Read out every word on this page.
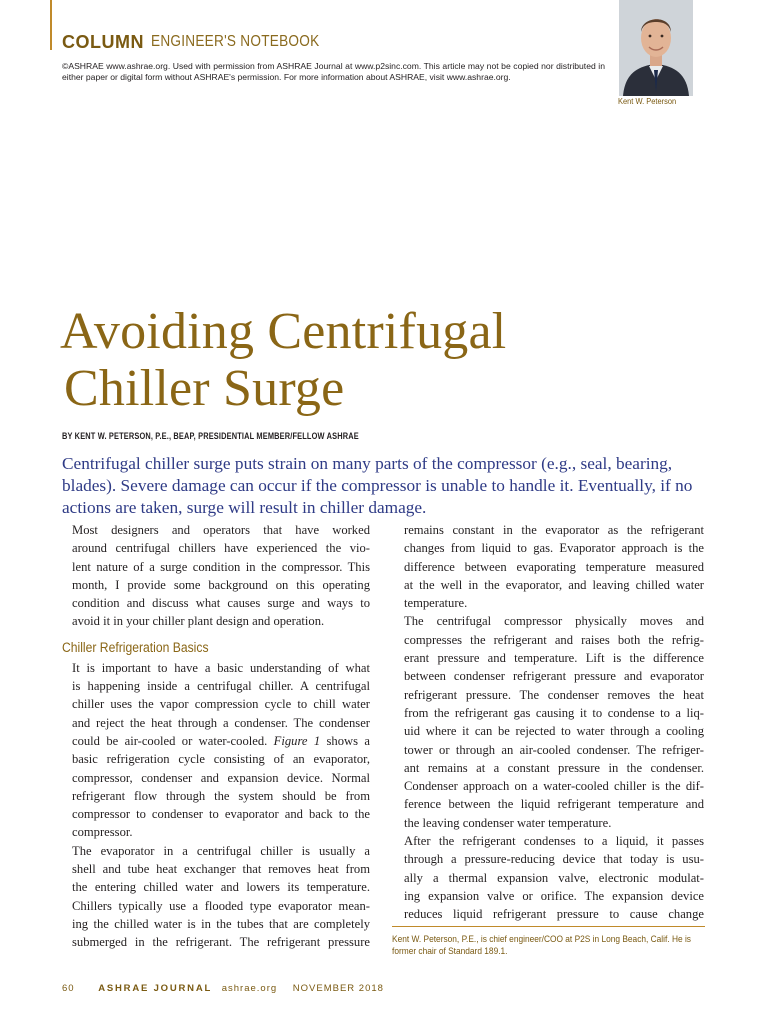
COLUMN ENGINEER'S NOTEBOOK
©ASHRAE www.ashrae.org. Used with permission from ASHRAE Journal at www.p2sinc.com. This article may not be copied nor distributed in either paper or digital form without ASHRAE's permission. For more information about ASHRAE, visit www.ashrae.org.
Kent W. Peterson
Avoiding Centrifugal
Chiller Surge
BY KENT W. PETERSON, P.E., BEAP, PRESIDENTIAL MEMBER/FELLOW ASHRAE
Centrifugal chiller surge puts strain on many parts of the compressor (e.g., seal, bearing, blades). Severe damage can occur if the compressor is unable to handle it. Eventually, if no actions are taken, surge will result in chiller damage.
Most designers and operators that have worked
around centrifugal chillers have experienced the vio-
lent nature of a surge condition in the compressor. This
month, I provide some background on this operating
condition and discuss what causes surge and ways to
avoid it in your chiller plant design and operation.
Chiller Refrigeration Basics
It is important to have a basic understanding of what
is happening inside a centrifugal chiller. A centrifugal
chiller uses the vapor compression cycle to chill water
and reject the heat through a condenser. The condenser
could be air-cooled or water-cooled. Figure 1 shows a
basic refrigeration cycle consisting of an evaporator,
compressor, condenser and expansion device. Normal
refrigerant flow through the system should be from
compressor to condenser to evaporator and back to the
compressor.
The evaporator in a centrifugal chiller is usually a
shell and tube heat exchanger that removes heat from
the entering chilled water and lowers its temperature.
Chillers typically use a flooded type evaporator mean-
ing the chilled water is in the tubes that are completely
submerged in the refrigerant. The refrigerant pressure
remains constant in the evaporator as the refrigerant
changes from liquid to gas. Evaporator approach is the
difference between evaporating temperature measured
at the well in the evaporator, and leaving chilled water
temperature.
The centrifugal compressor physically moves and
compresses the refrigerant and raises both the refrig-
erant pressure and temperature. Lift is the difference
between condenser refrigerant pressure and evaporator
refrigerant pressure. The condenser removes the heat
from the refrigerant gas causing it to condense to a liq-
uid where it can be rejected to water through a cooling
tower or through an air-cooled condenser. The refriger-
ant remains at a constant pressure in the condenser.
Condenser approach on a water-cooled chiller is the dif-
ference between the liquid refrigerant temperature and
the leaving condenser water temperature.
After the refrigerant condenses to a liquid, it passes
through a pressure-reducing device that today is usu-
ally a thermal expansion valve, electronic modulat-
ing expansion valve or orifice. The expansion device
reduces liquid refrigerant pressure to cause change
Kent W. Peterson, P.E., is chief engineer/COO at P2S in Long Beach, Calif. He is former chair of Standard 189.1.
60 ASHRAE JOURNAL ashrae.org NOVEMBER 2018
